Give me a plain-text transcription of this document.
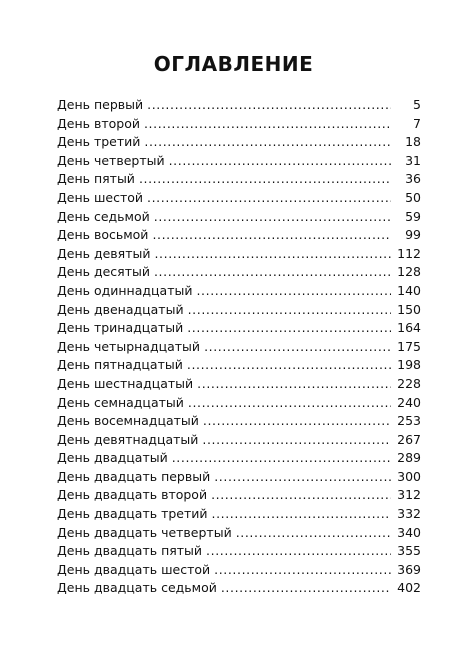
ОГЛАВЛЕНИЕ
День первый .....	5
День второй .....	7
День третий .....	18
День четвертый .....	31
День пятый .....	36
День шестой .....	50
День седьмой .....	59
День восьмой .....	99
День девятый .....	112
День десятый .....	128
День одиннадцатый .....	140
День двенадцатый .....	150
День тринадцатый .....	164
День четырнадцатый .....	175
День пятнадцатый .....	198
День шестнадцатый .....	228
День семнадцатый .....	240
День восемнадцатый .....	253
День девятнадцатый .....	267
День двадцатый .....	289
День двадцать первый .....	300
День двадцать второй .....	312
День двадцать третий .....	332
День двадцать четвертый .....	340
День двадцать пятый .....	355
День двадцать шестой .....	369
День двадцать седьмой .....	402
